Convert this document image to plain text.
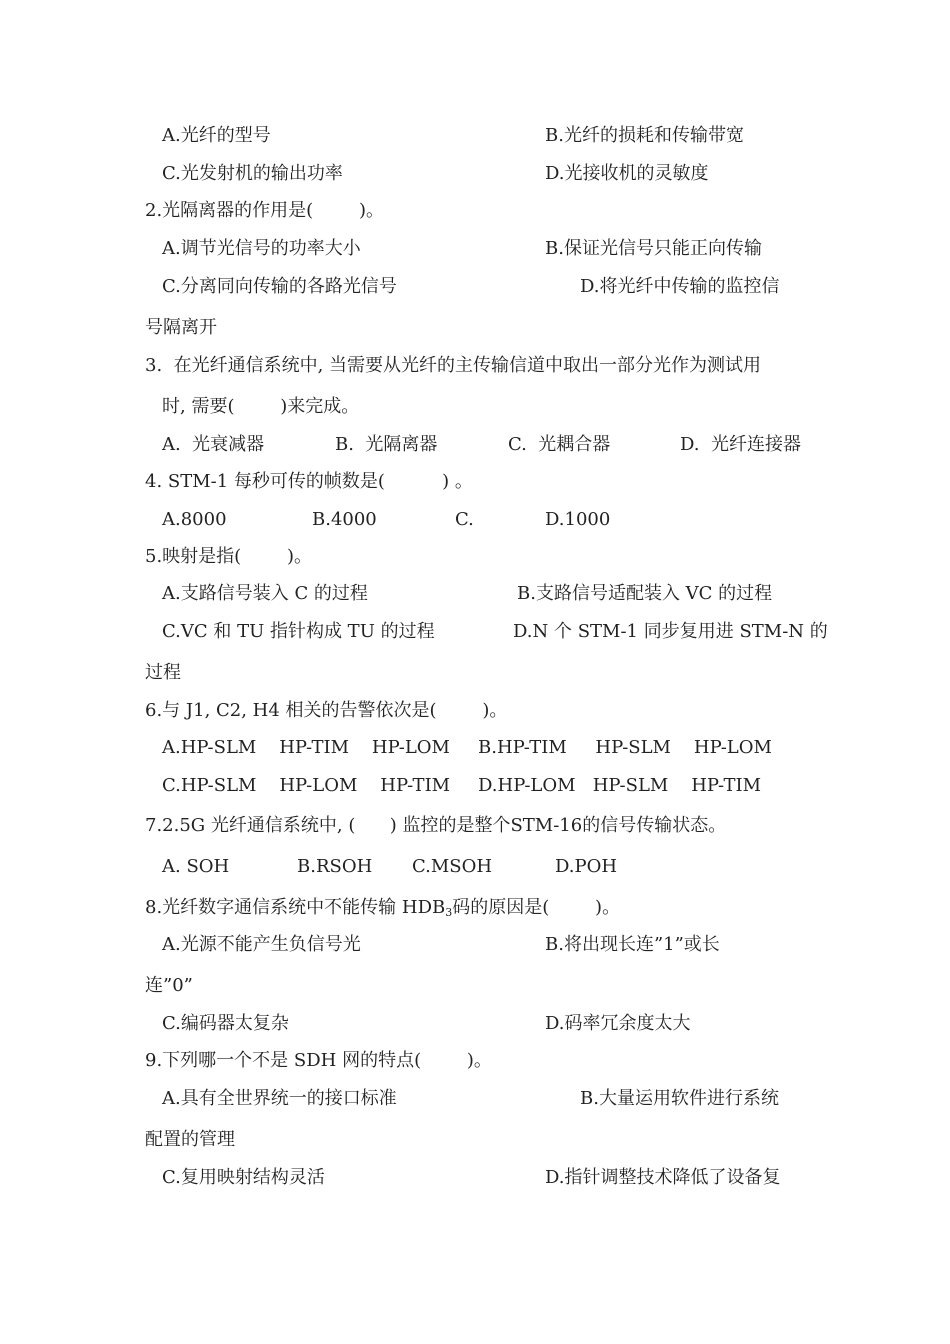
A.光纤的型号	B.光纤的损耗和传输带宽
C.光发射机的输出功率	D.光接收机的灵敏度
2.光隔离器的作用是(        )。
A.调节光信号的功率大小	B.保证光信号只能正向传输
C.分离同向传输的各路光信号	D.将光纤中传输的监控信
号隔离开
3.  在光纤通信系统中, 当需要从光纤的主传输信道中取出一部分光作为测试用
时, 需要(        )来完成。
A.  光衰减器	B.  光隔离器	C.  光耦合器	D.  光纤连接器
4. STM-1 每秒可传的帧数是(          ) 。
A.8000	B.4000	C.	D.1000
5.映射是指(        )。
A.支路信号装入 C 的过程	B.支路信号适配装入 VC 的过程
C.VC 和 TU 指针构成 TU 的过程	D.N 个 STM-1 同步复用进 STM-N 的
过程
6.与 J1, C2, H4 相关的告警依次是(        )。
A.HP-SLM    HP-TIM    HP-LOM B.HP-TIM     HP-SLM    HP-LOM
C.HP-SLM    HP-LOM    HP-TIM D.HP-LOM   HP-SLM    HP-TIM
7.2.5G 光纤通信系统中, (      ) 监控的是整个STM-16的信号传输状态。
A. SOH	B.RSOH C.MSOH	D.POH
8.光纤数字通信系统中不能传输 $HDB_3$码的原因是(        )。
A.光源不能产生负信号光	B.将出现长连”1”或长
连”0”
C.编码器太复杂	D.码率冗余度太大
9.下列哪一个不是 SDH 网的特点(        )。
A.具有全世界统一的接口标准	B.大量运用软件进行系统
配置的管理
C.复用映射结构灵活	D.指针调整技术降低了设备复
